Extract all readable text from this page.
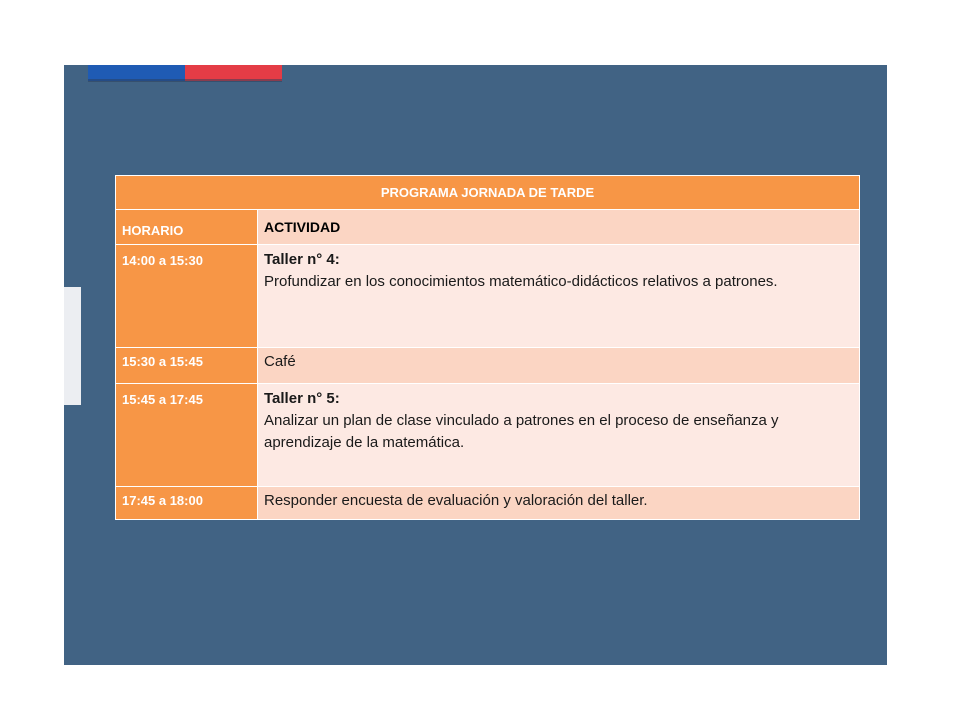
PROGRAMA JORNADA DE TARDE	
HORARIO	ACTIVIDAD
14:00 a 15:30	Taller n° 4:
Profundizar en los conocimientos matemático-didácticos relativos a patrones.
15:30 a 15:45	Café
15:45 a 17:45	Taller n° 5:
Analizar un plan de clase vinculado a patrones en el proceso de enseñanza y aprendizaje de la matemática.
17:45 a 18:00	Responder encuesta de evaluación y valoración del taller.
